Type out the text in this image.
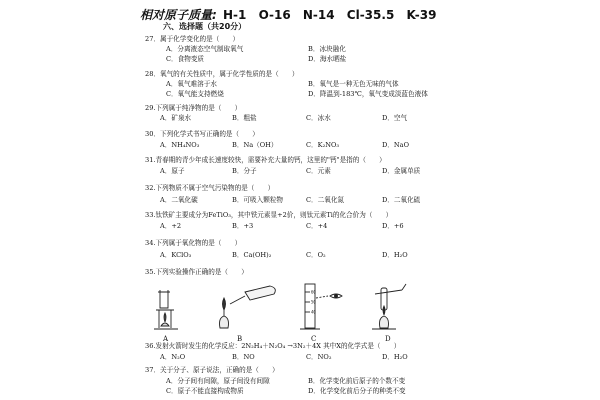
相对原子质量: H-1 O-16 N-14 Cl-35.5 K-39
六、选择题（共20分）
27．属于化学变化的是（　　）
A．分离液态空气制取氧气	B．冰块融化
C．食物变质	D．海水晒盐
28．氧气的有关性质中，属于化学性质的是（　　）
A．氧气难溶于水	B．氧气是一种无色无味的气体
C．氧气能支持燃烧	D．降温到-183℃，氧气变成淡蓝色液体
29.下列属于纯净物的是（　　）
A．矿泉水	B．粗盐	C．冰水	D．空气
30．下列化学式书写正确的是（　　）
A．NH₄NO₃	B．Na（OH）	C．K₂NO₃	D．NaO
31.青春期的青少年成长速度较快，需要补充大量的钙，这里的"钙"是指的（　　）
A．原子	B．分子	C．元素	D．金属单质
32.下列物质不属于空气污染物的是（　　）
A．二氧化碳	B．可吸入颗粒物	C．二氧化氮	D．二氧化硫
33.钛铁矿主要成分为FeTiO₃，其中铁元素显+2价，则钛元素Ti的化合价为（　　）
A．+2	B．+3	C．+4	D．+6
34.下列属于氧化物的是（　　）
A．KClO₃	B．Ca(OH)₂	C．O₂	D．H₂O
35.下列实验操作正确的是（　　）
60
50
40
A	B	C	D
36.发射火箭时发生的化学反应：2N₂H₄＋N₂O₄ →3N₂＋4X 其中X的化学式是（　　）
A．N₂O	B．NO	C．NO₂	D．H₂O
37．关于分子、原子说法，正确的是（　　）
A．分子间有间隙，原子间没有间隙	B．化学变化前后原子的个数不变
C．原子不能直接构成物质	D．化学变化前后分子的种类不变
